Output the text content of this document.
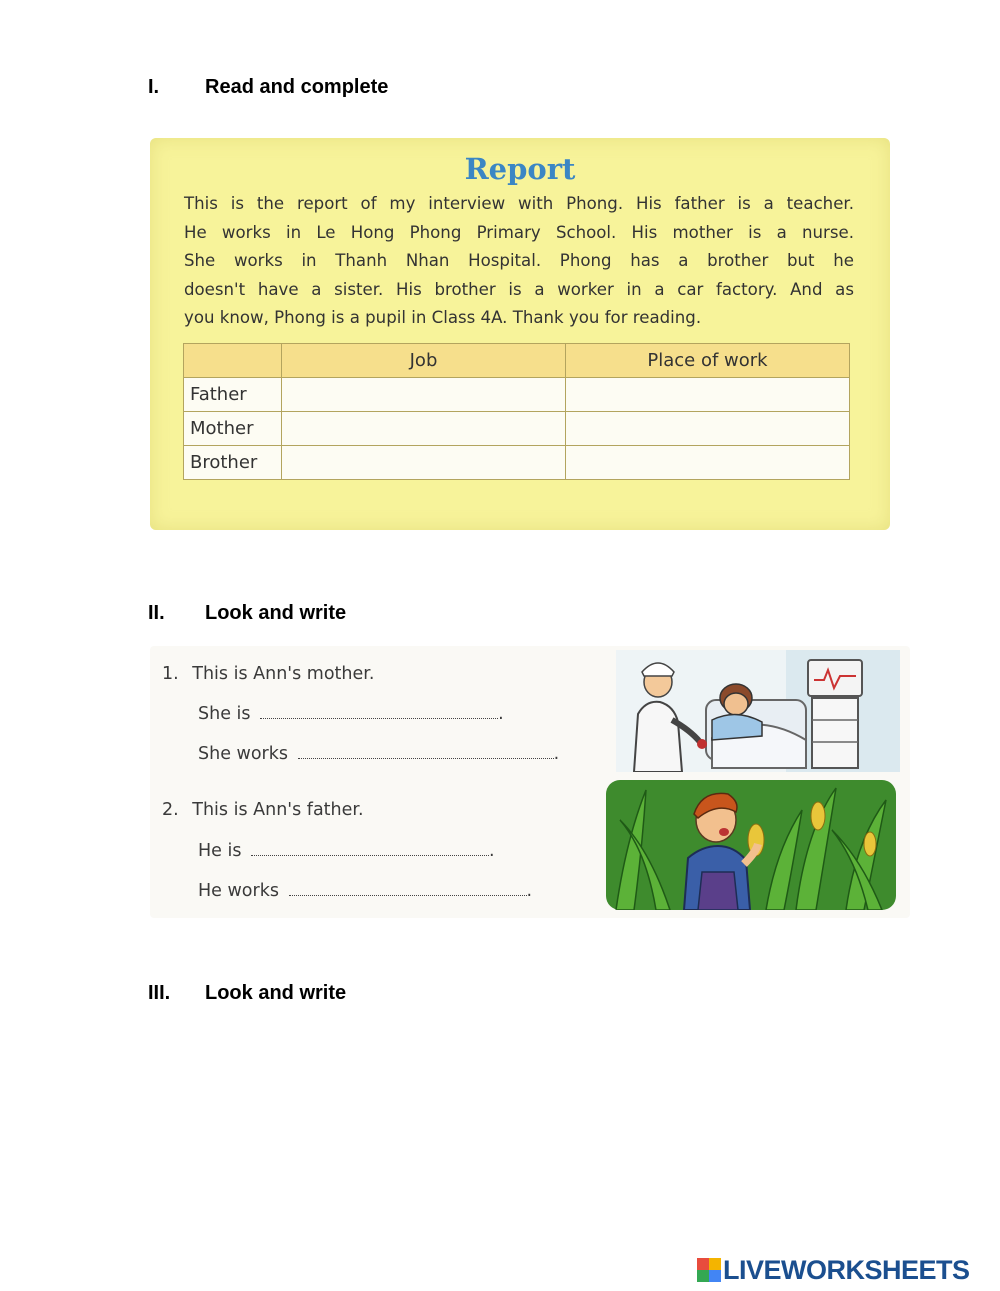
I. Read and complete
Report
This is the report of my interview with Phong. His father is a teacher.
He works in Le Hong Phong Primary School. His mother is a nurse.
She works in Thanh Nhan Hospital. Phong has a brother but he
doesn't have a sister. His brother is a worker in a car factory. And as
you know, Phong is a pupil in Class 4A. Thank you for reading.
	Job	Place of work
Father		
Mother		
Brother		
II. Look and write
1. This is Ann's mother.
She is	.
She works	.
2. This is Ann's father.
He is	.
He works	.
III. Look and write
LIVEWORKSHEETS
